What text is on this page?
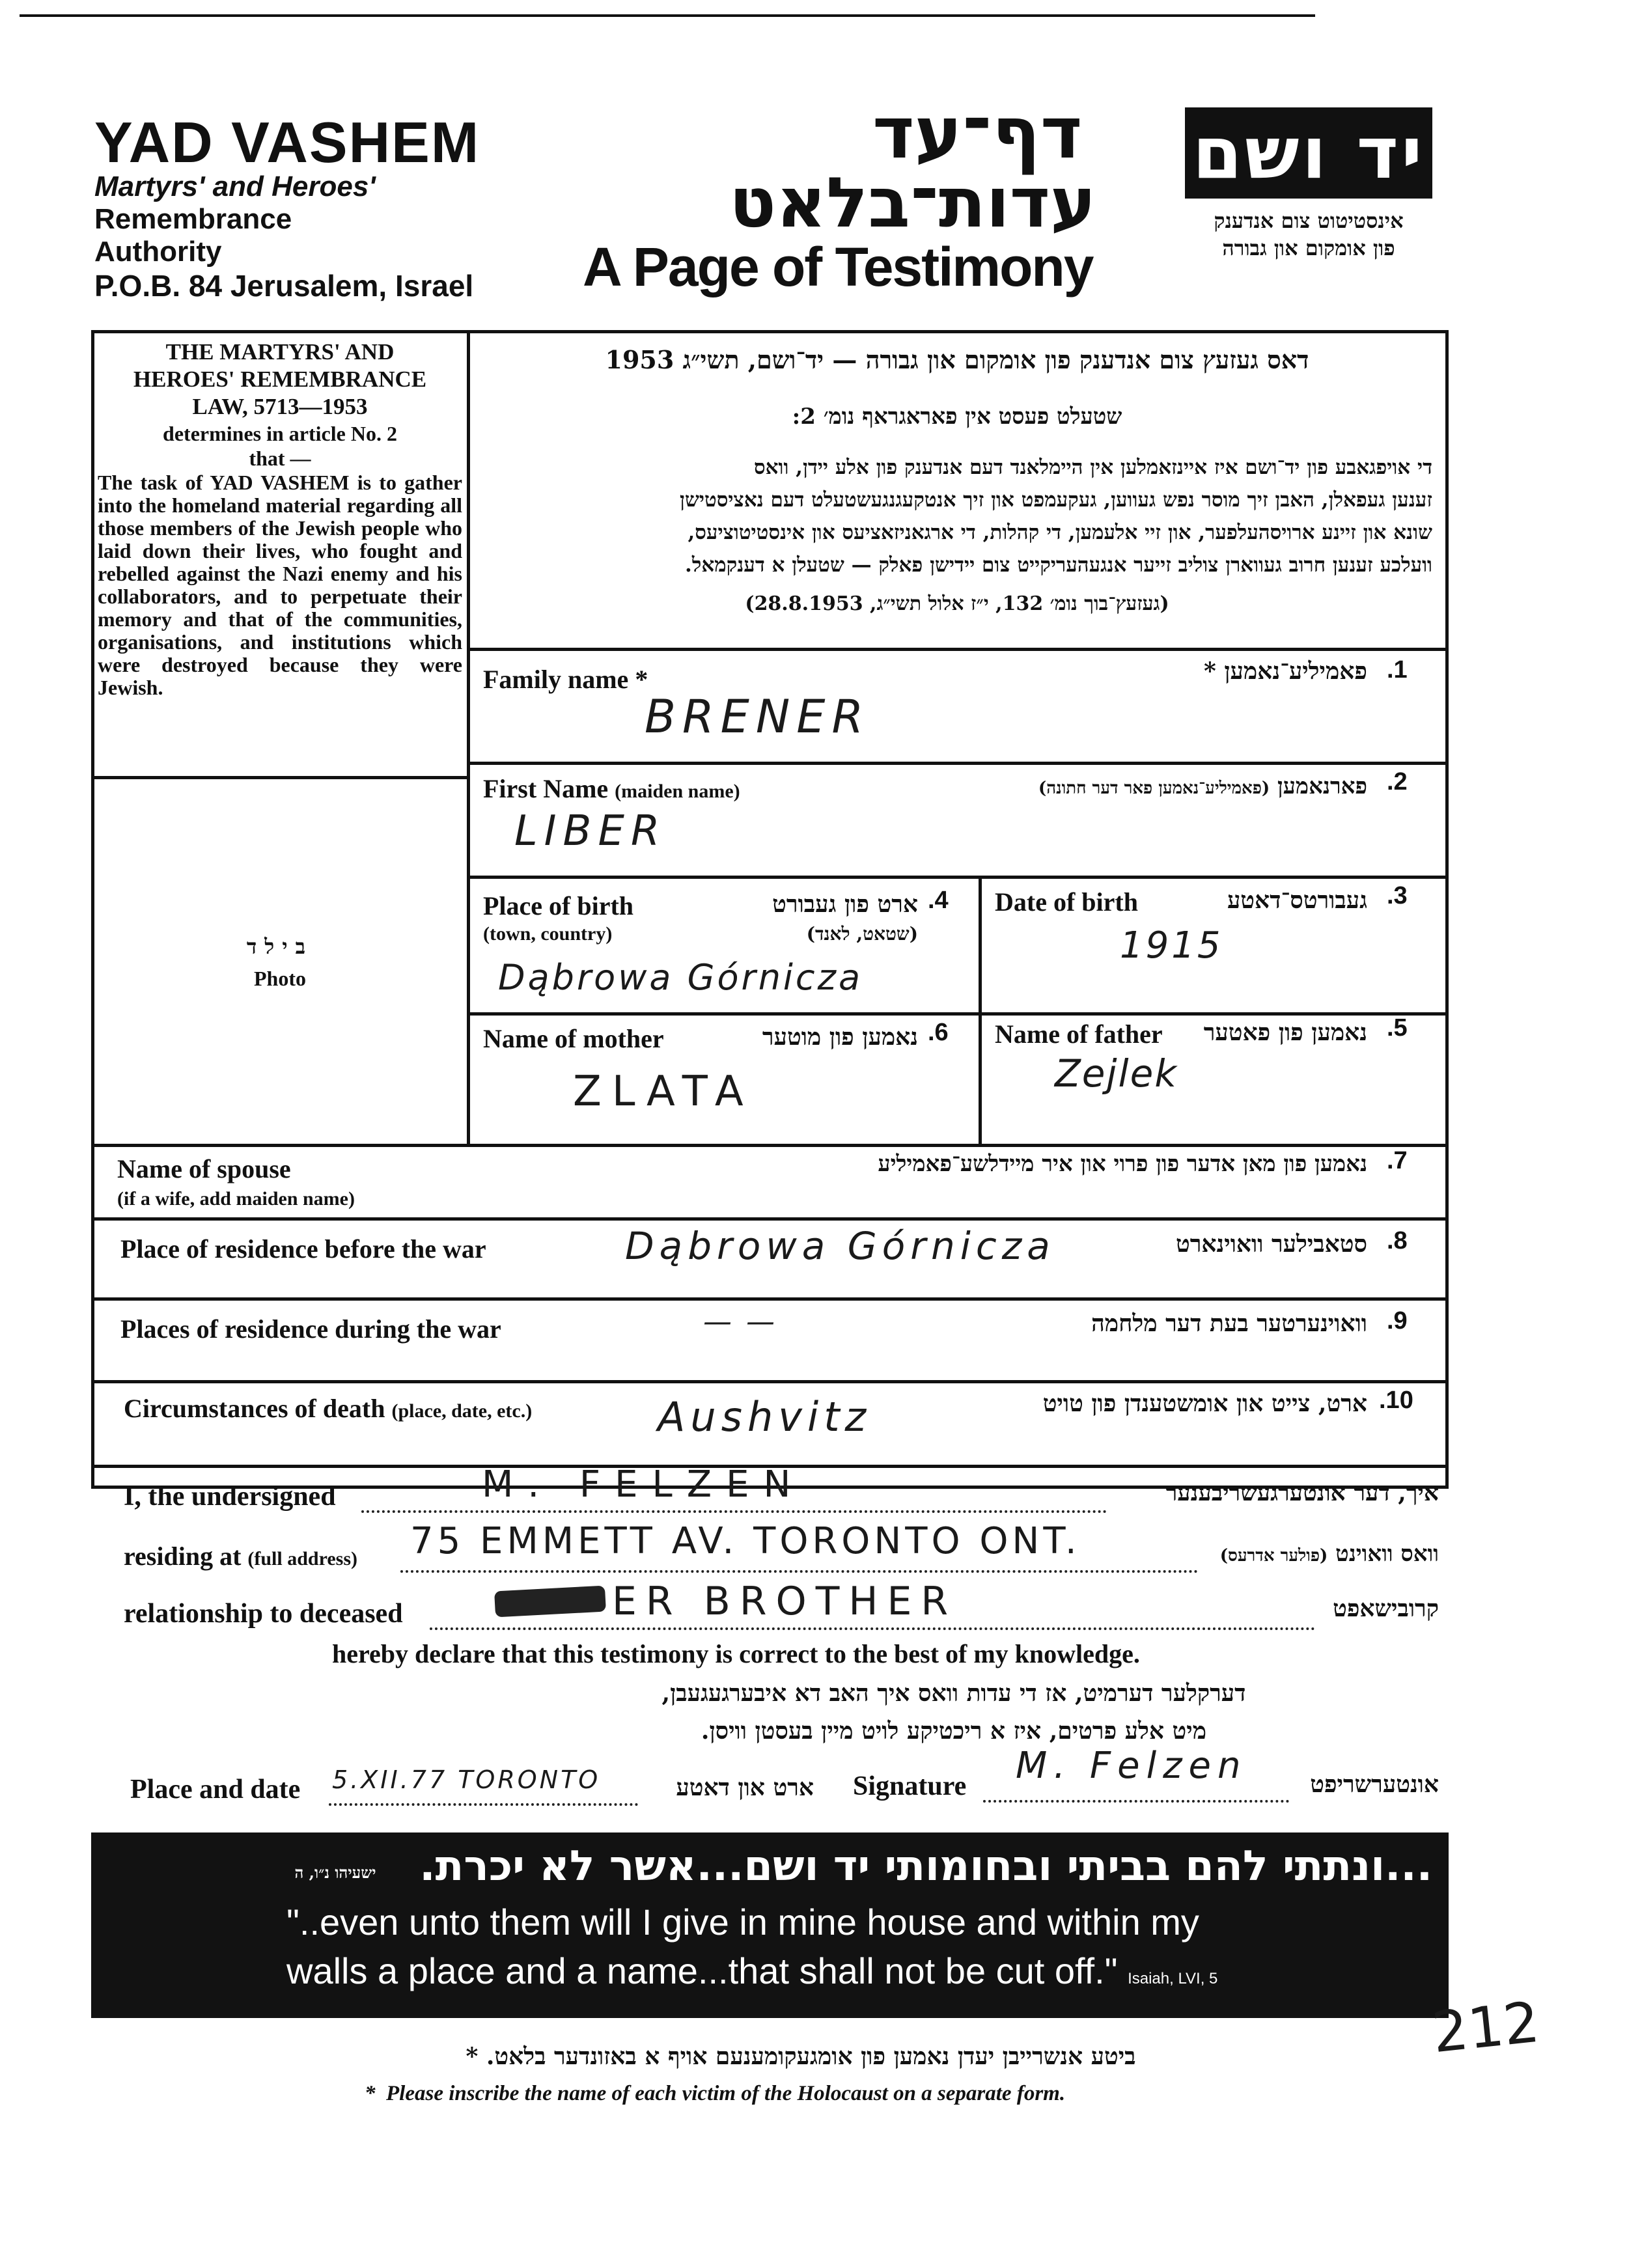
YAD VASHEM
Martyrs' and Heroes'
Remembrance
Authority
P.O.B. 84 Jerusalem, Israel
דף־עד
עדות־בלאט
A Page of Testimony
יד ושם
אינסטיטוט צום אנדענק
פון אומקום און גבורה
THE MARTYRS' AND
HEROES' REMEMBRANCE
LAW, 5713—1953
determines in article No. 2
that —
The task of YAD VASHEM is to gather into the homeland material regarding all those members of the Jewish people who laid down their lives, who fought and rebelled against the Nazi enemy and his collaborators, and to perpetuate their memory and that of the communities, organisations, and institutions which were destroyed because they were Jewish.
דאס געזעץ צום אנדענק פון אומקום און גבורה — יד־ושם, תשי״ג 1953
שטעלט פעסט אין פאראגראף נומ׳ 2:
די אויפגאבע פון יד־ושם איז איינזאמלען אין היימלאנד דעם אנדענק פון אלע יידן, וואס
זענען געפאלן, האבן זיך מוסר נפש געווען, געקעמפט און זיך אנטקעגנגעשטעלט דעם נאציסטישן
שונא און זיינע ארויסהעלפער, און זיי אלעמען, די קהלות, די ארגאניזאציעס און אינסטיטוציעס,
וועלכע זענען חרוב געווארן צוליב זייער אנגעהעריקייט צום יידישן פאלק — שטעלן א דענקמאל.
(געזעץ־בוך נומ׳ 132, י״ז אלול תשי״ג, 28.8.1953)
בילד
Photo
Family name *	פאמיליע־נאמען *	.1
BRENER
First Name (maiden name)	פארנאמען (פאמיליע־נאמען פאר דער חתונה)	.2
LIBER
Place of birth
(town, country)
ארט פון געבורט
(שטאט, לאנד)
.4
Dąbrowa Górnicza
Date of birth	געבורטס־דאטע .3
1915
Name of mother	נאמען פון מוטער .6
ZLATA
Name of father	נאמען פון פאטער .5
Zejlek
Name of spouse
(if a wife, add maiden name)
נאמען פון מאן אדער פון פרוי און איר מיידלשע־פאמיליע .7
Place of residence before the war	סטאבילער וואוינארט .8
Dąbrowa Górnicza
Places of residence during the war	וואוינערטער בעת דער מלחמה .9
— —
Circumstances of death (place, date, etc.)	ארט, צייט און אומשטענדן פון טויט .10
Aushvitz
I, the undersigned	M. FELZEN	איך, דער אונטערגעשריבענער
residing at (full address) 75 EMMETT AV. TORONTO ONT.	וואס וואוינט (פולער אדרעס)
relationship to deceased	ER BROTHER	קרובישאפט
hereby declare that this testimony is correct to the best of my knowledge.
דערקלער דערמיט, אז די עדות וואס איך האב דא איבערגעגעבן,
מיט אלע פרטים, איז א ריכטיקע לויט מיין בעסטן וויסן.
Place and date 5.XII.77 TORONTO	ארט און דאטע Signature M. Felzen	אונטערשריפט
...ונתתי להם בביתי ובחומותי יד ושם...אשר לא יכרת.
ישעיהו נ״ו, ה
"..even unto them will I give in mine house and within my
walls a place and a name...that shall not be cut off." Isaiah, LVI, 5
212
ביטע אנשרייבן יעדן נאמען פון אומגעקומענעם אויף א באזונדער בלאט. *
* Please inscribe the name of each victim of the Holocaust on a separate form.
